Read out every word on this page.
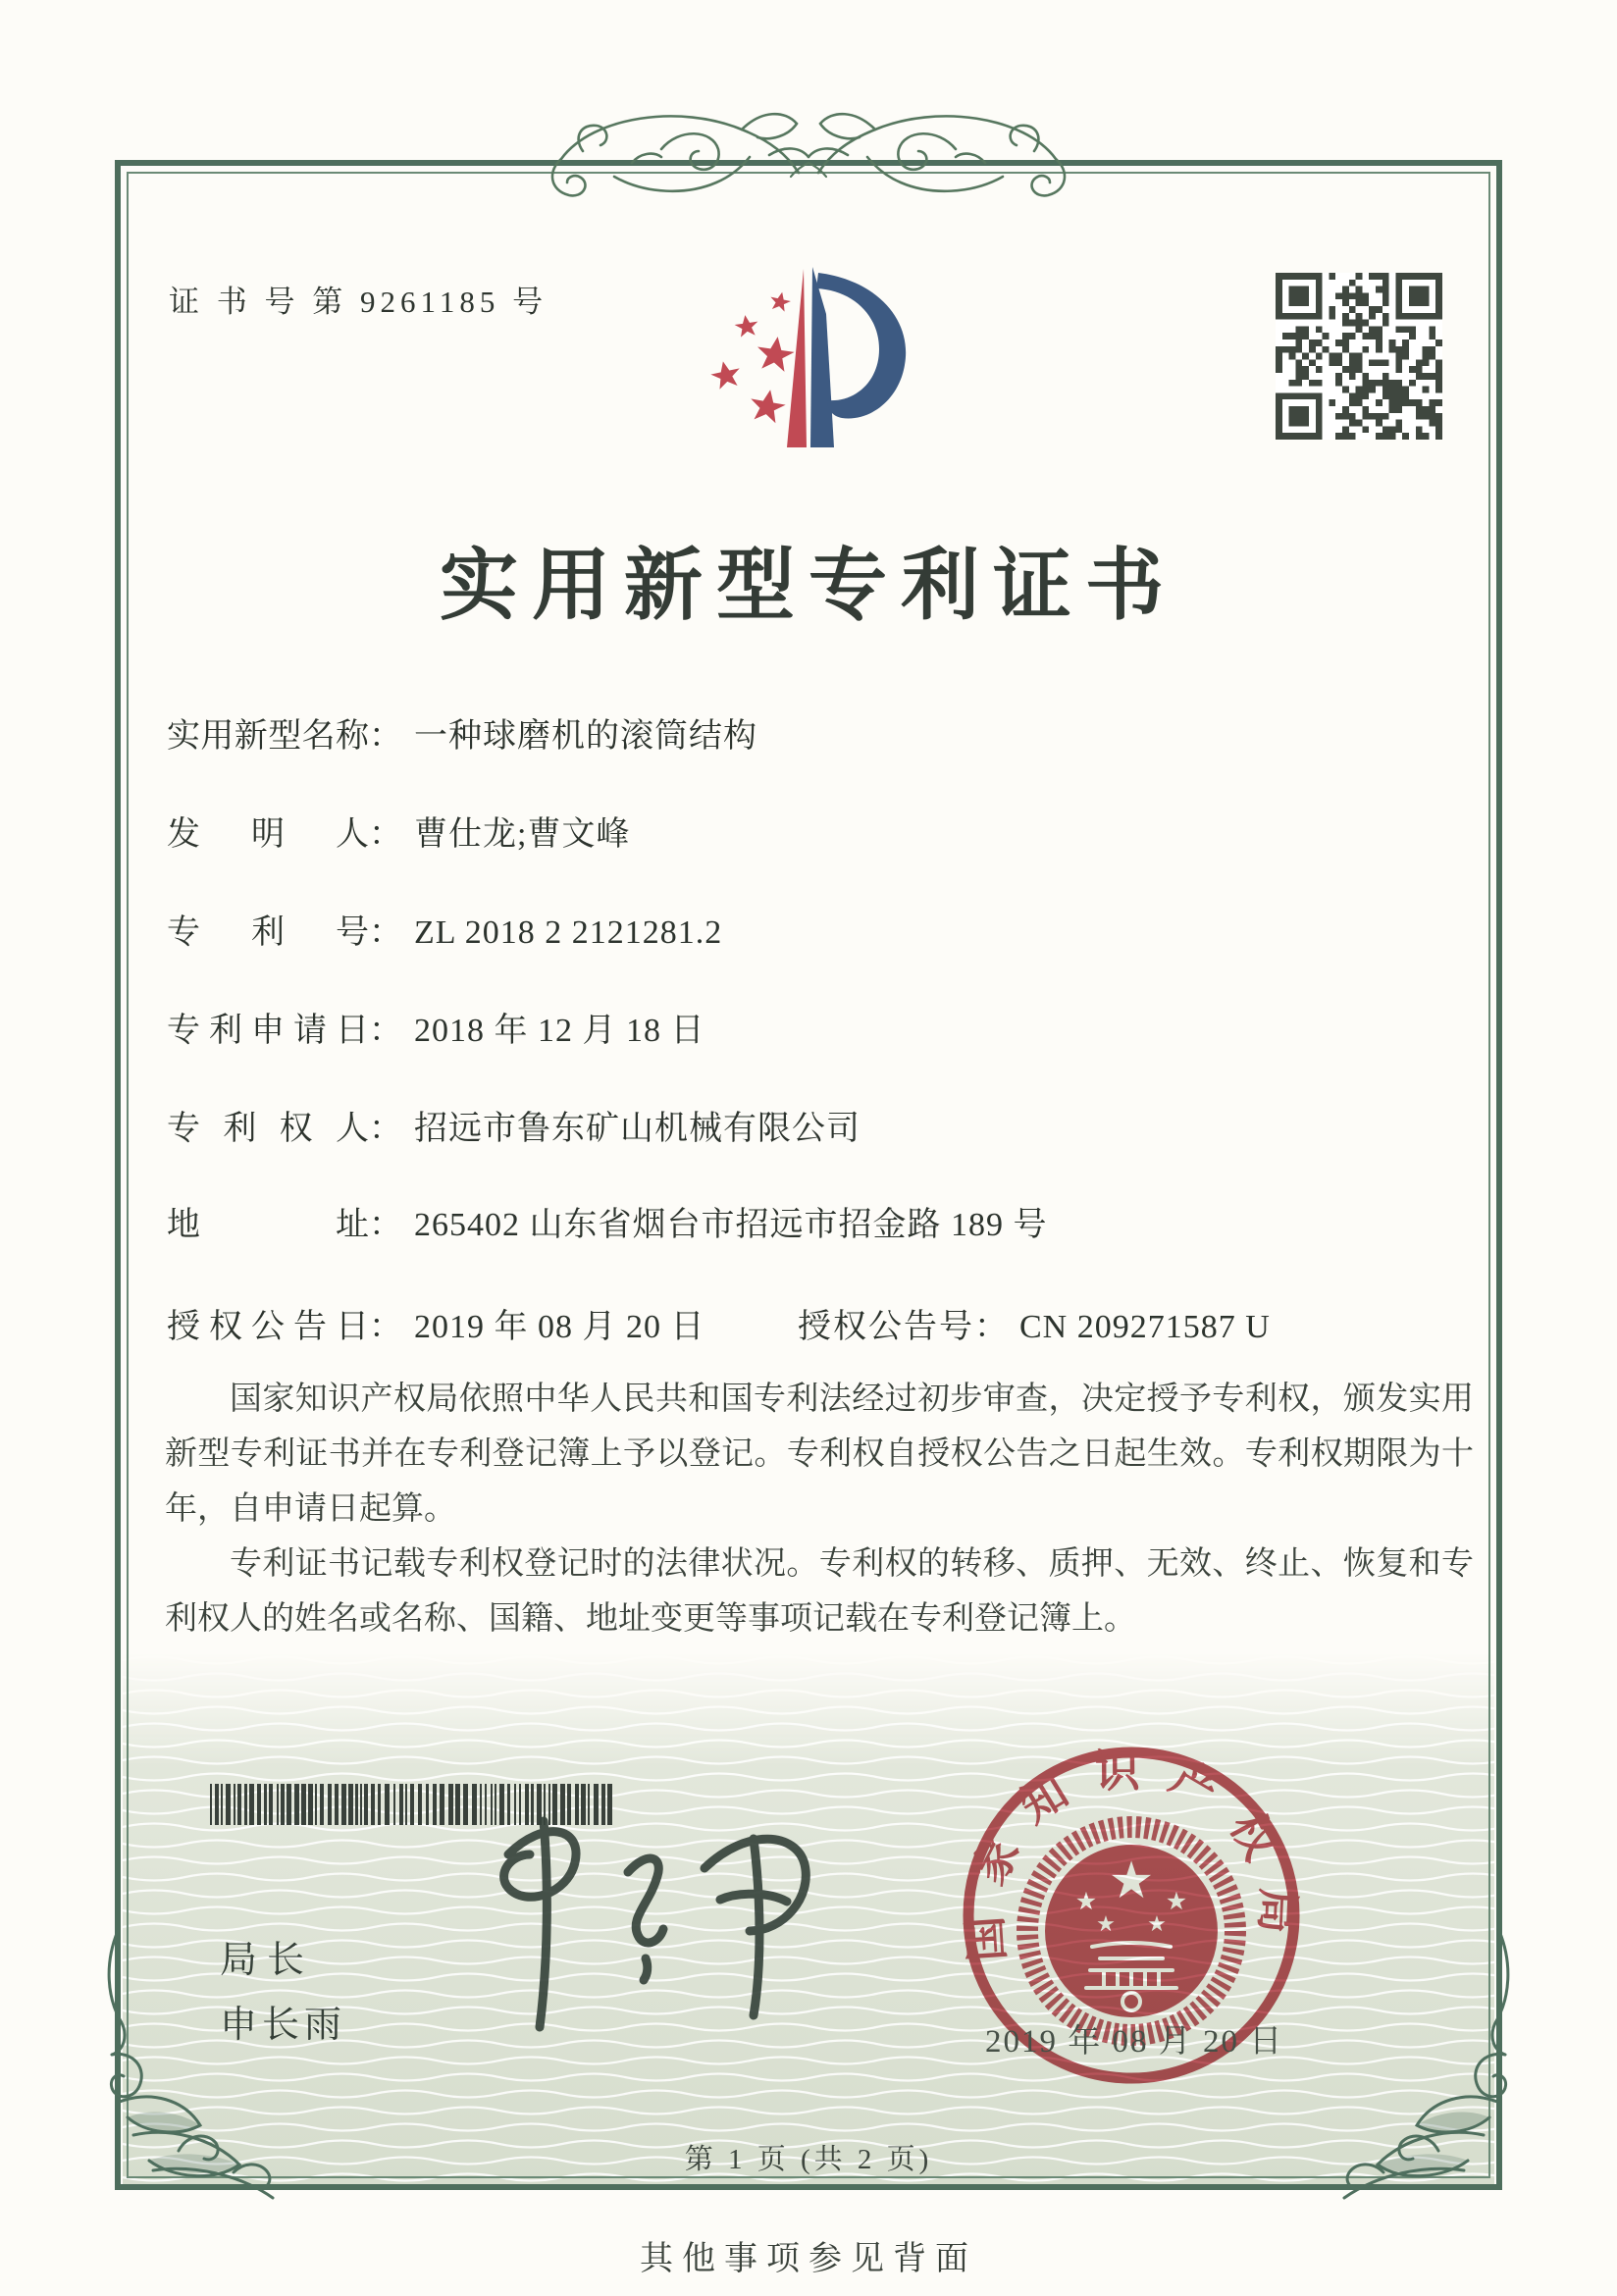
证 书 号 第 9261185 号
实用新型专利证书
实用新型名称： 一种球磨机的滚筒结构
发明人： 曹仕龙;曹文峰
专利号： ZL 2018 2 2121281.2
专利申请日： 2018 年 12 月 18 日
专利权人： 招远市鲁东矿山机械有限公司
地址： 265402 山东省烟台市招远市招金路 189 号
授权公告日： 2019 年 08 月 20 日	授权公告号： CN 209271587 U

国家知识产权局依照中华人民共和国专利法经过初步审查，决定授予专利权，颁发实用新型专利证书并在专利登记簿上予以登记。专利权自授权公告之日起生效。专利权期限为十年，自申请日起算。

专利证书记载专利权登记时的法律状况。专利权的转移、质押、无效、终止、恢复和专利权人的姓名或名称、国籍、地址变更等事项记载在专利登记簿上。

局长
申长雨
国家知识产权局
★
★	★
★ ★
2019 年 08 月 20 日
第 1 页 (共 2 页)
其他事项参见背面
